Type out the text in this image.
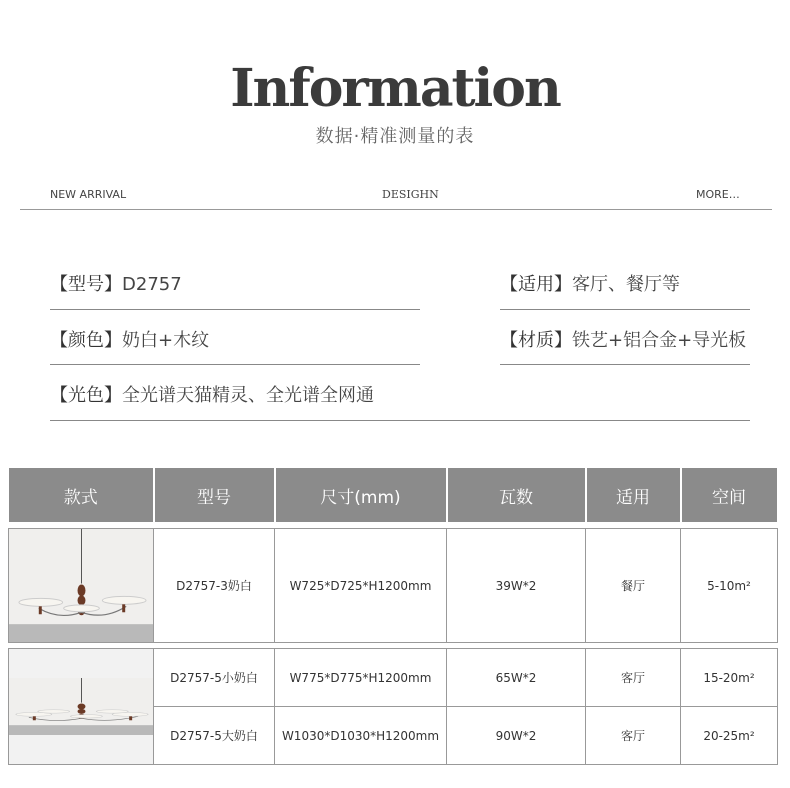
Information
数据·精准测量的表
NEW ARRIVAL	DESIGHN	MORE…
【型号】D2757	【适用】客厅、餐厅等
【颜色】奶白+木纹	【材质】铁艺+铝合金+导光板
【光色】全光谱天猫精灵、全光谱全网通
款式	型号	尺寸(mm)	瓦数	适用	空间

	D2757-3奶白	W725*D725*H1200mm	39W*2	餐厅	5-10m²

	D2757-5小奶白	W775*D775*H1200mm	65W*2	客厅	15-20m²
	D2757-5大奶白	W1030*D1030*H1200mm	90W*2	客厅	20-25m²
